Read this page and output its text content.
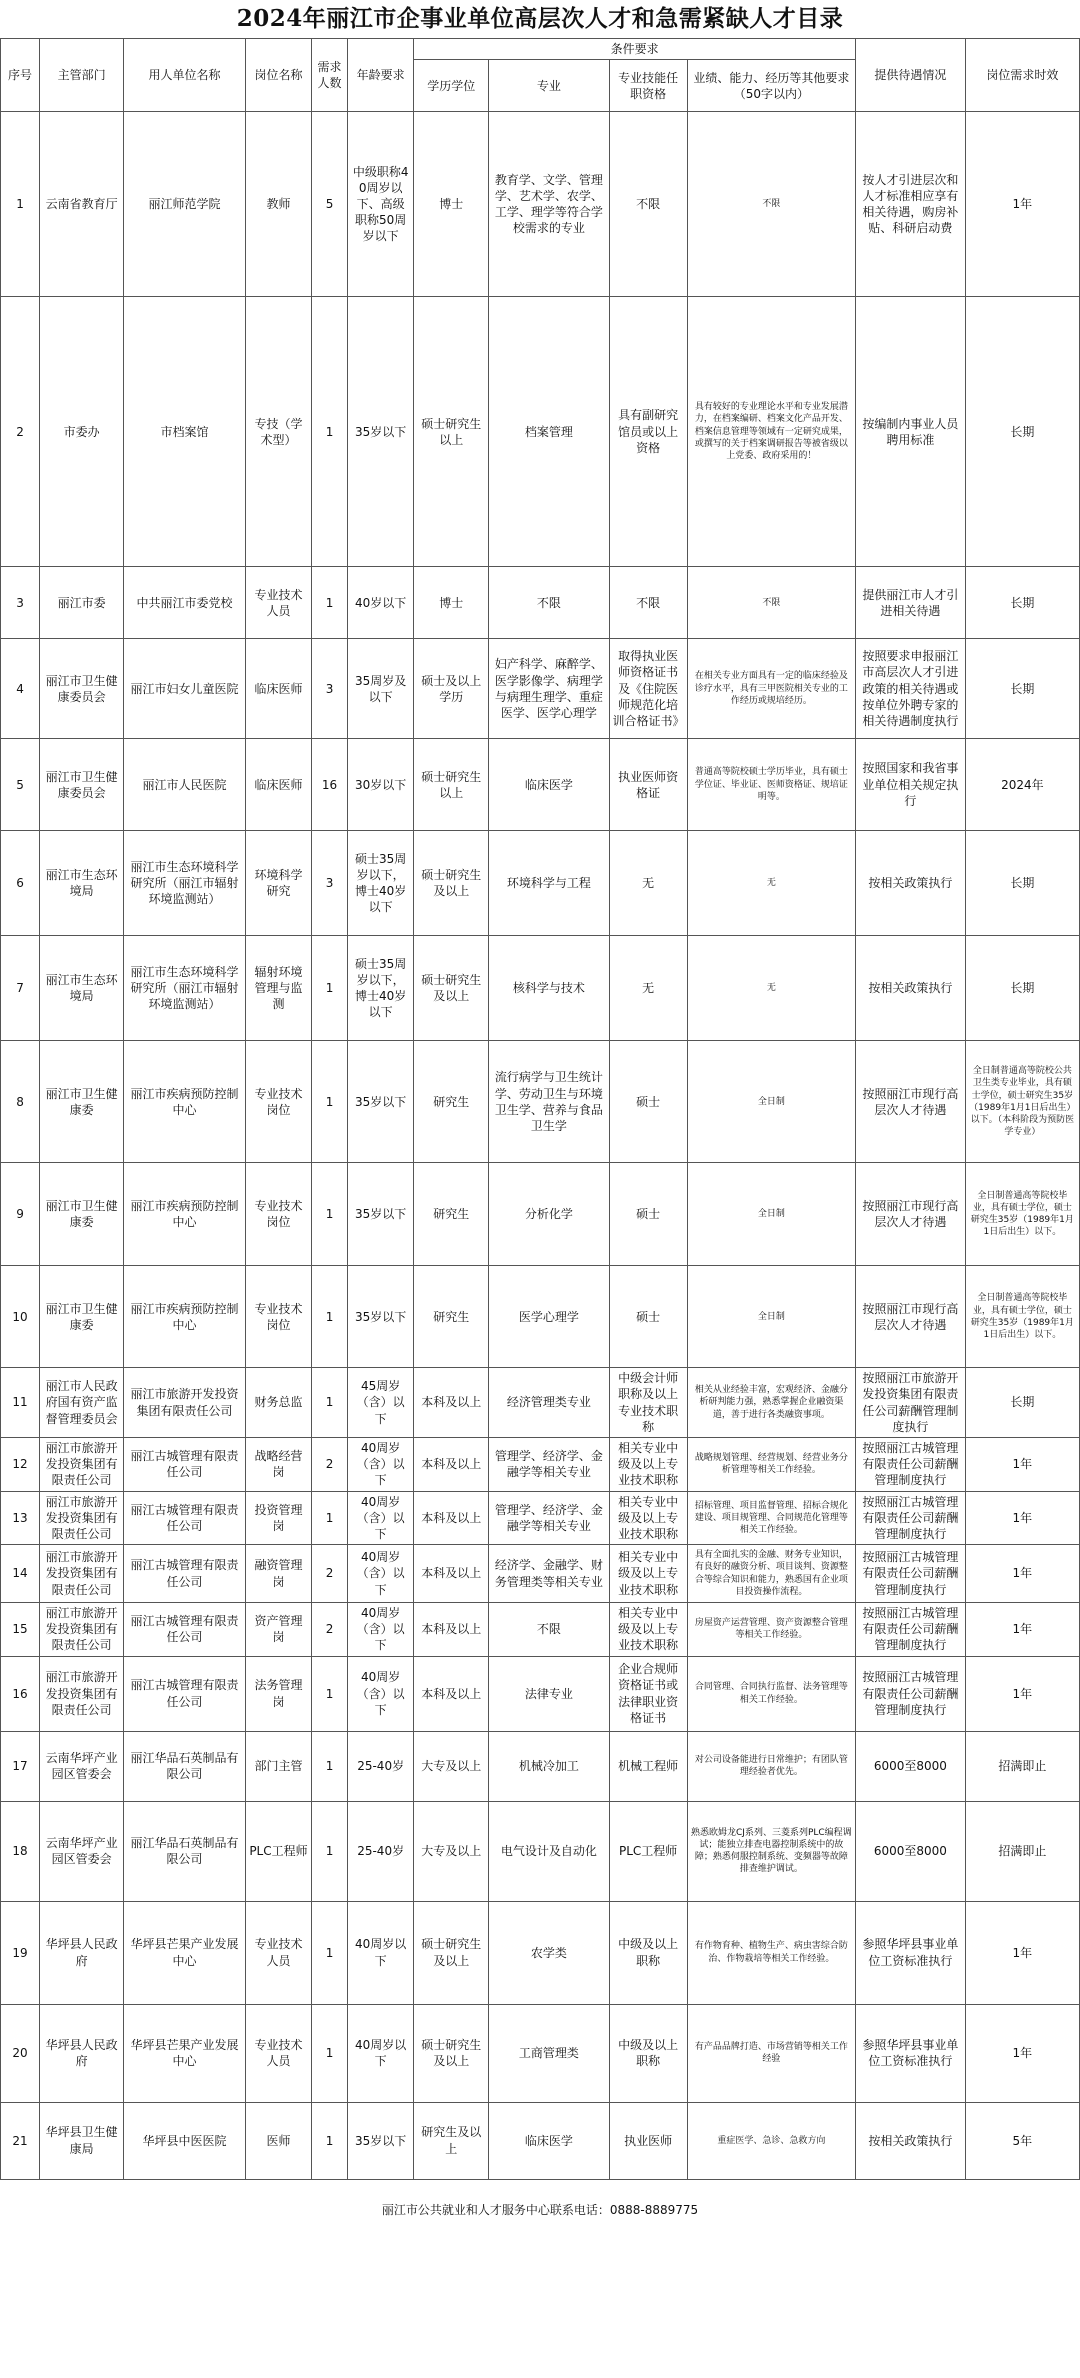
2024年丽江市企事业单位高层次人才和急需紧缺人才目录
序号	主管部门	用人单位名称	岗位名称	需求人数	年龄要求	条件要求				提供待遇情况	岗位需求时效
						学历学位	专业	专业技能任职资格	业绩、能力、经历等其他要求（50字以内）		
1	云南省教育厅	丽江师范学院	教师	5	中级职称40周岁以下、高级职称50周岁以下	博士	教育学、文学、管理学、艺术学、农学、工学、理学等符合学校需求的专业	不限	不限	按人才引进层次和人才标准相应享有相关待遇，购房补贴、科研启动费	1年
2	市委办	市档案馆	专技（学术型）	1	35岁以下	硕士研究生以上	档案管理	具有副研究馆员或以上资格	具有较好的专业理论水平和专业发展潜力，在档案编研、档案文化产品开发、档案信息管理等领域有一定研究成果，或撰写的关于档案调研报告等被省级以上党委、政府采用的！	按编制内事业人员聘用标准	长期
3	丽江市委	中共丽江市委党校	专业技术人员	1	40岁以下	博士	不限	不限	不限	提供丽江市人才引进相关待遇	长期
4	丽江市卫生健康委员会	丽江市妇女儿童医院	临床医师	3	35周岁及以下	硕士及以上学历	妇产科学、麻醉学、医学影像学、病理学与病理生理学、重症医学、医学心理学	取得执业医师资格证书及《住院医师规范化培训合格证书》	在相关专业方面具有一定的临床经验及诊疗水平，具有三甲医院相关专业的工作经历或规培经历。	按照要求申报丽江市高层次人才引进政策的相关待遇或按单位外聘专家的相关待遇制度执行	长期
5	丽江市卫生健康委员会	丽江市人民医院	临床医师	16	30岁以下	硕士研究生以上	临床医学	执业医师资格证	普通高等院校硕士学历毕业，具有硕士学位证、毕业证、医师资格证、规培证明等。	按照国家和我省事业单位相关规定执行	2024年
6	丽江市生态环境局	丽江市生态环境科学研究所（丽江市辐射环境监测站）	环境科学研究	3	硕士35周岁以下，博士40岁以下	硕士研究生及以上	环境科学与工程	无	无	按相关政策执行	长期
7	丽江市生态环境局	丽江市生态环境科学研究所（丽江市辐射环境监测站）	辐射环境管理与监测	1	硕士35周岁以下，博士40岁以下	硕士研究生及以上	核科学与技术	无	无	按相关政策执行	长期
8	丽江市卫生健康委	丽江市疾病预防控制中心	专业技术岗位	1	35岁以下	研究生	流行病学与卫生统计学、劳动卫生与环境卫生学、营养与食品卫生学	硕士	全日制	按照丽江市现行高层次人才待遇	全日制普通高等院校公共卫生类专业毕业，具有硕士学位，硕士研究生35岁（1989年1月1日后出生）以下。（本科阶段为预防医学专业）
9	丽江市卫生健康委	丽江市疾病预防控制中心	专业技术岗位	1	35岁以下	研究生	分析化学	硕士	全日制	按照丽江市现行高层次人才待遇	全日制普通高等院校毕业，具有硕士学位，硕士研究生35岁（1989年1月1日后出生）以下。
10	丽江市卫生健康委	丽江市疾病预防控制中心	专业技术岗位	1	35岁以下	研究生	医学心理学	硕士	全日制	按照丽江市现行高层次人才待遇	全日制普通高等院校毕业，具有硕士学位，硕士研究生35岁（1989年1月1日后出生）以下。
11	丽江市人民政府国有资产监督管理委员会	丽江市旅游开发投资集团有限责任公司	财务总监	1	45周岁（含）以下	本科及以上	经济管理类专业	中级会计师职称及以上专业技术职称	相关从业经验丰富，宏观经济、金融分析研判能力强，熟悉掌握企业融资渠道，善于进行各类融资事项。	按照丽江市旅游开发投资集团有限责任公司薪酬管理制度执行	长期
12	丽江市旅游开发投资集团有限责任公司	丽江古城管理有限责任公司	战略经营岗	2	40周岁（含）以下	本科及以上	管理学、经济学、金融学等相关专业	相关专业中级及以上专业技术职称	战略规划管理、经营规划、经营业务分析管理等相关工作经验。	按照丽江古城管理有限责任公司薪酬管理制度执行	1年
13	丽江市旅游开发投资集团有限责任公司	丽江古城管理有限责任公司	投资管理岗	1	40周岁（含）以下	本科及以上	管理学、经济学、金融学等相关专业	相关专业中级及以上专业技术职称	招标管理、项目监督管理、招标合规化建设、项目规管理、合同规范化管理等相关工作经验。	按照丽江古城管理有限责任公司薪酬管理制度执行	1年
14	丽江市旅游开发投资集团有限责任公司	丽江古城管理有限责任公司	融资管理岗	2	40周岁（含）以下	本科及以上	经济学、金融学、财务管理类等相关专业	相关专业中级及以上专业技术职称	具有全面扎实的金融、财务专业知识，有良好的融资分析、项目谈判、资源整合等综合知识和能力，熟悉国有企业项目投资操作流程。	按照丽江古城管理有限责任公司薪酬管理制度执行	1年
15	丽江市旅游开发投资集团有限责任公司	丽江古城管理有限责任公司	资产管理岗	2	40周岁（含）以下	本科及以上	不限	相关专业中级及以上专业技术职称	房屋资产运营管理、资产资源整合管理等相关工作经验。	按照丽江古城管理有限责任公司薪酬管理制度执行	1年
16	丽江市旅游开发投资集团有限责任公司	丽江古城管理有限责任公司	法务管理岗	1	40周岁（含）以下	本科及以上	法律专业	企业合规师资格证书或法律职业资格证书	合同管理、合同执行监督、法务管理等相关工作经验。	按照丽江古城管理有限责任公司薪酬管理制度执行	1年
17	云南华坪产业园区管委会	丽江华品石英制品有限公司	部门主管	1	25-40岁	大专及以上	机械冷加工	机械工程师	对公司设备能进行日常维护；有团队管理经验者优先。	6000至8000	招满即止
18	云南华坪产业园区管委会	丽江华品石英制品有限公司	PLC工程师	1	25-40岁	大专及以上	电气设计及自动化	PLC工程师	熟悉欧姆龙CJ系列、三菱系列PLC编程调试；能独立排查电器控制系统中的故障；熟悉伺服控制系统、变频器等故障排查维护调试。	6000至8000	招满即止
19	华坪县人民政府	华坪县芒果产业发展中心	专业技术人员	1	40周岁以下	硕士研究生及以上	农学类	中级及以上职称	有作物育种、植物生产、病虫害综合防治、作物栽培等相关工作经验。	参照华坪县事业单位工资标准执行	1年
20	华坪县人民政府	华坪县芒果产业发展中心	专业技术人员	1	40周岁以下	硕士研究生及以上	工商管理类	中级及以上职称	有产品品牌打造、市场营销等相关工作经验	参照华坪县事业单位工资标准执行	1年
21	华坪县卫生健康局	华坪县中医医院	医师	1	35岁以下	研究生及以上	临床医学	执业医师	重症医学、急诊、急救方向	按相关政策执行	5年
丽江市公共就业和人才服务中心联系电话：0888-8889775
